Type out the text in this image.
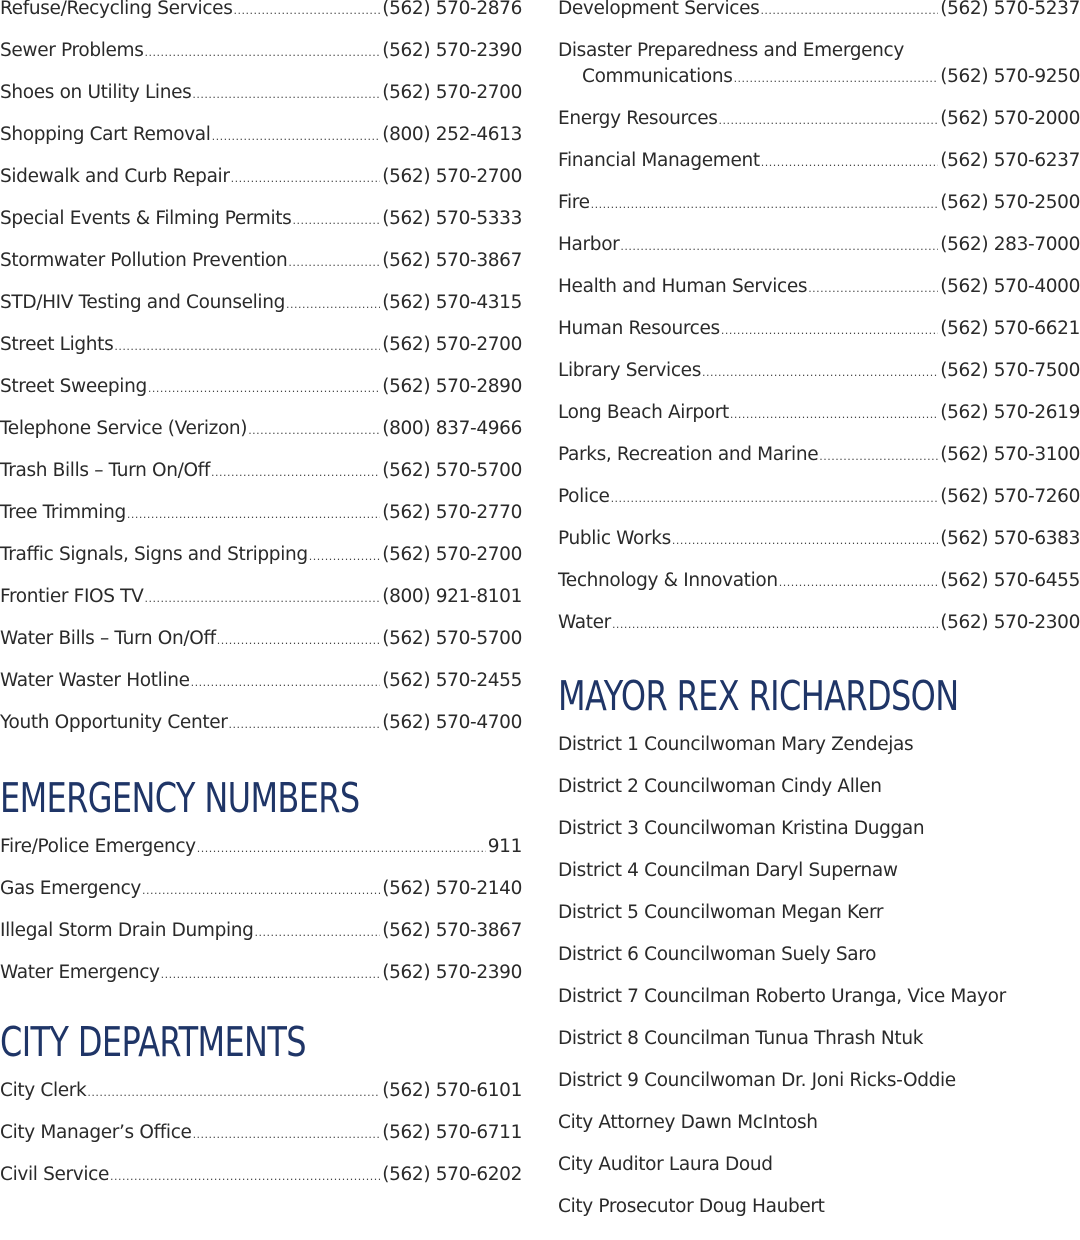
Refuse/Recycling Services .....	(562) 570-2876
Sewer Problems .....	(562) 570-2390
Shoes on Utility Lines .....	(562) 570-2700
Shopping Cart Removal .....	(800) 252-4613
Sidewalk and Curb Repair .....	(562) 570-2700
Special Events & Filming Permits .....	(562) 570-5333
Stormwater Pollution Prevention .....	(562) 570-3867
STD/HIV Testing and Counseling .....	(562) 570-4315
Street Lights .....	(562) 570-2700
Street Sweeping .....	(562) 570-2890
Telephone Service (Verizon) .....	(800) 837-4966
Trash Bills – Turn On/Off .....	(562) 570-5700
Tree Trimming .....	(562) 570-2770
Traffic Signals, Signs and Stripping .....	(562) 570-2700
Frontier FIOS TV .....	(800) 921-8101
Water Bills – Turn On/Off .....	(562) 570-5700
Water Waster Hotline .....	(562) 570-2455
Youth Opportunity Center .....	(562) 570-4700
EMERGENCY NUMBERS
Fire/Police Emergency .....	911
Gas Emergency .....	(562) 570-2140
Illegal Storm Drain Dumping .....	(562) 570-3867
Water Emergency .....	(562) 570-2390
CITY DEPARTMENTS
City Clerk .....	(562) 570-6101
City Manager’s Office .....	(562) 570-6711
Civil Service .....	(562) 570-6202
Development Services .....	(562) 570-5237
Disaster Preparedness and Emergency
Communications .....	(562) 570-9250
Energy Resources .....	(562) 570-2000
Financial Management .....	(562) 570-6237
Fire .....	(562) 570-2500
Harbor .....	(562) 283-7000
Health and Human Services .....	(562) 570-4000
Human Resources .....	(562) 570-6621
Library Services .....	(562) 570-7500
Long Beach Airport .....	(562) 570-2619
Parks, Recreation and Marine .....	(562) 570-3100
Police .....	(562) 570-7260
Public Works .....	(562) 570-6383
Technology & Innovation .....	(562) 570-6455
Water .....	(562) 570-2300
MAYOR REX RICHARDSON
District 1 Councilwoman Mary Zendejas
District 2 Councilwoman Cindy Allen
District 3 Councilwoman Kristina Duggan
District 4 Councilman Daryl Supernaw
District 5 Councilwoman Megan Kerr
District 6 Councilwoman Suely Saro
District 7 Councilman Roberto Uranga, Vice Mayor
District 8 Councilman Tunua Thrash Ntuk
District 9 Councilwoman Dr. Joni Ricks-Oddie
City Attorney Dawn McIntosh
City Auditor Laura Doud
City Prosecutor Doug Haubert
